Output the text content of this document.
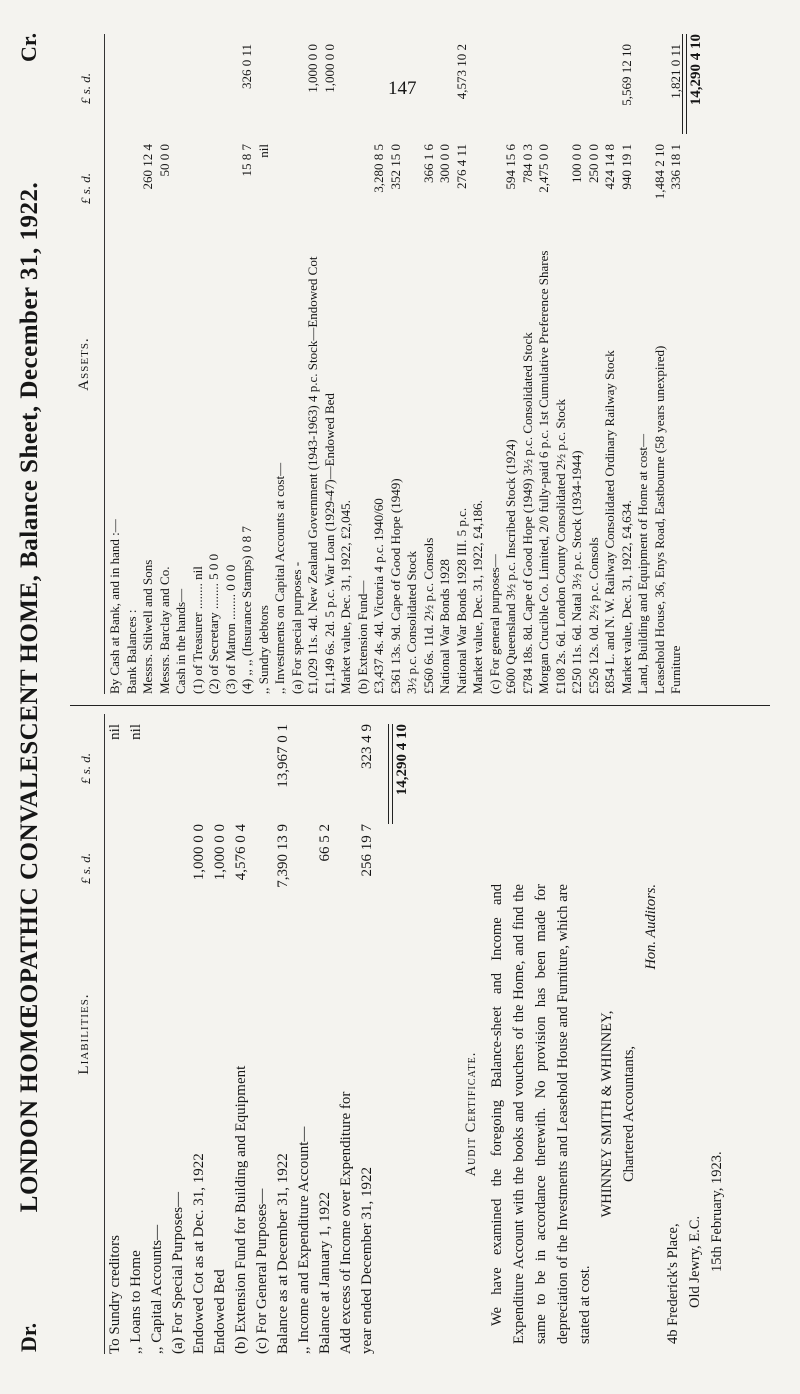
147
LONDON HOMŒOPATHIC CONVALESCENT HOME, Balance Sheet, December 31, 1922.
Dr.
Cr.
Liabilities.
£ s. d.
£ s. d.
To Sundry creditors
nil
,, Loans to Home
nil
,, Capital Accounts— (a) For Special Purposes— Endowed Cot as at Dec. 31, 1922
1,000 0 0
Endowed Bed
1,000 0 0
(b) Extension Fund for Building and Equipment
4,576 0 4
(c) For General Purposes— Balance as at December 31, 1922
7,390 13 9
13,967 0 1
,, Income and Expenditure Account— Balance at January 1, 1922
66 5 2
Add excess of Income over Expenditure for year ended December 31, 1922
256 19 7
323 4 9 14,290 4 10
Audit Certificate. We have examined the foregoing Balance-sheet and Income and Expenditure Account with the books and vouchers of the Home, and find the same to be in accordance therewith. No provision has been made for depreciation of the Investments and Leasehold House and Furniture, which are stated at cost.

WHINNEY SMITH & WHINNEY, Chartered Accountants,
Hon. Auditors.
4b Frederick's Place, Old Jewry, E.C. 15th February, 1923.
Assets.
£ s. d.
£ s. d.
By Cash at Bank, and in hand :— Bank Balances : Messrs. Stilwell and Sons
260 12 4
Messrs. Barclay and Co.
50 0 0
Cash in the hands— (1) of Treasurer ........ nil (2) of Secretary ........ 5 0 0 (3) of Matron ........ 0 0 0 (4) ,, ,, (Insurance Stamps) 0 8 7
15 8 7
326 0 11
,, Sundry debtors
nil
,, Investments on Capital Accounts at cost— (a) For special purposes - £1,029 11s. 4d. New Zealand Government (1943-1963) 4 p.c. Stock—Endowed Cot
1,000 0 0
£1,149 6s. 2d. 5 p.c. War Loan (1929-47)—Endowed Bed
1,000 0 0
Market value, Dec. 31, 1922, £2,045. (b) Extension Fund— £3,437 4s. 4d. Victoria 4 p.c. 1940/60
3,280 8 5
£361 13s. 9d. Cape of Good Hope (1949)
352 15 0
3½ p.c. Consolidated Stock £560 6s. 11d. 2½ p.c. Consols
366 1 6
National War Bonds 1928
300 0 0
National War Bonds 1928 III. 5 p.c.
276 4 11
4,573 10 2
Market value, Dec. 31, 1922, £4,186. (c) For general purposes— £600 Queensland 3½ p.c. Inscribed Stock (1924)
594 15 6
£784 18s. 8d. Cape of Good Hope (1949) 3½ p.c. Consolidated Stock
784 0 3
Morgan Crucible Co. Limited, 2/0 fully-paid 6 p.c. 1st Cumulative Preference Shares
2,475 0 0
£108 2s. 6d. London County Consolidated 2½ p.c. Stock £250 11s. 6d. Natal 3½ p.c. Stock (1934-1944)
100 0 0
£526 12s. 0d. 2½ p.c. Consols
250 0 0
£854 L. and N. W. Railway Consolidated Ordinary Railway Stock
424 14 8
Market value, Dec. 31, 1922, £4,634.
940 19 1
5,569 12 10
Land, Building and Equipment of Home at cost— Leasehold House, 36, Enys Road, Eastbourne (58 years unexpired)
1,484 2 10
Furniture
336 18 1
1,821 0 11 14,290 4 10
